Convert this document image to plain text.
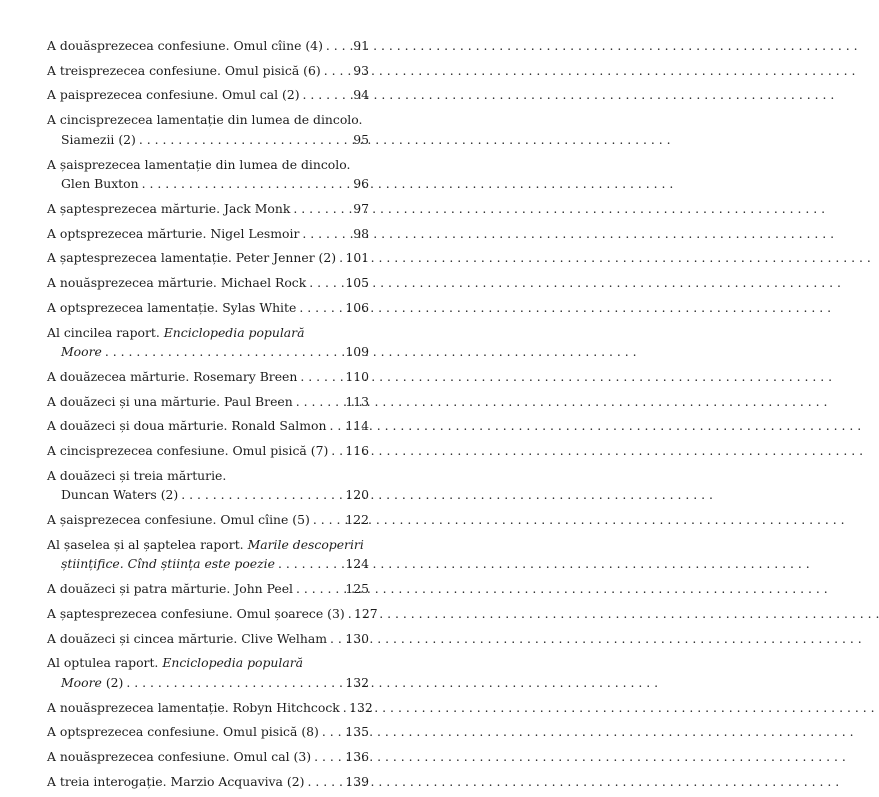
A douăsprezecea confesiune. Omul cîine (4) . . .	91
A treisprezecea confesiune. Omul pisică (6) . . .	93
A paisprezecea confesiune. Omul cal (2) . . .	94
A cincisprezecea lamentație din lumea de dincolo.
Siamezii (2) . . .	95
A șaisprezecea lamentație din lumea de dincolo.
Glen Buxton . . .	96
A șaptesprezecea mărturie. Jack Monk . . .	97
A optsprezecea mărturie. Nigel Lesmoir . . .	98
A șaptesprezecea lamentație. Peter Jenner (2) . . . 101
A nouăsprezecea mărturie. Michael Rock . . .	105
A optsprezecea lamentație. Sylas White . . .	106
Al cincilea raport. Enciclopedia populară
Moore . . .	109
A douăzecea mărturie. Rosemary Breen . . .	110
A douăzeci și una mărturie. Paul Breen . . .	113
A douăzeci și doua mărturie. Ronald Salmon . . .	114
A cincisprezecea confesiune. Omul pisică (7) . . .	116
A douăzeci și treia mărturie.
Duncan Waters (2) . . .	120
A șaisprezecea confesiune. Omul cîine (5) . . .	122
Al șaselea și al șaptelea raport. Marile descoperiri
științifice. Cînd știința este poezie . . .	124
A douăzeci și patra mărturie. John Peel . . .	125
A șaptesprezecea confesiune. Omul șoarece (3) . . . 127
A douăzeci și cincea mărturie. Clive Welham . . .	130
Al optulea raport. Enciclopedia populară
Moore (2) . . .	132
A nouăsprezecea lamentație. Robyn Hitchcock . . . 132
A optsprezecea confesiune. Omul pisică (8) . . .	135
A nouăsprezecea confesiune. Omul cal (3) . . .	136
A treia interogație. Marzio Acquaviva (2) . . .	139
